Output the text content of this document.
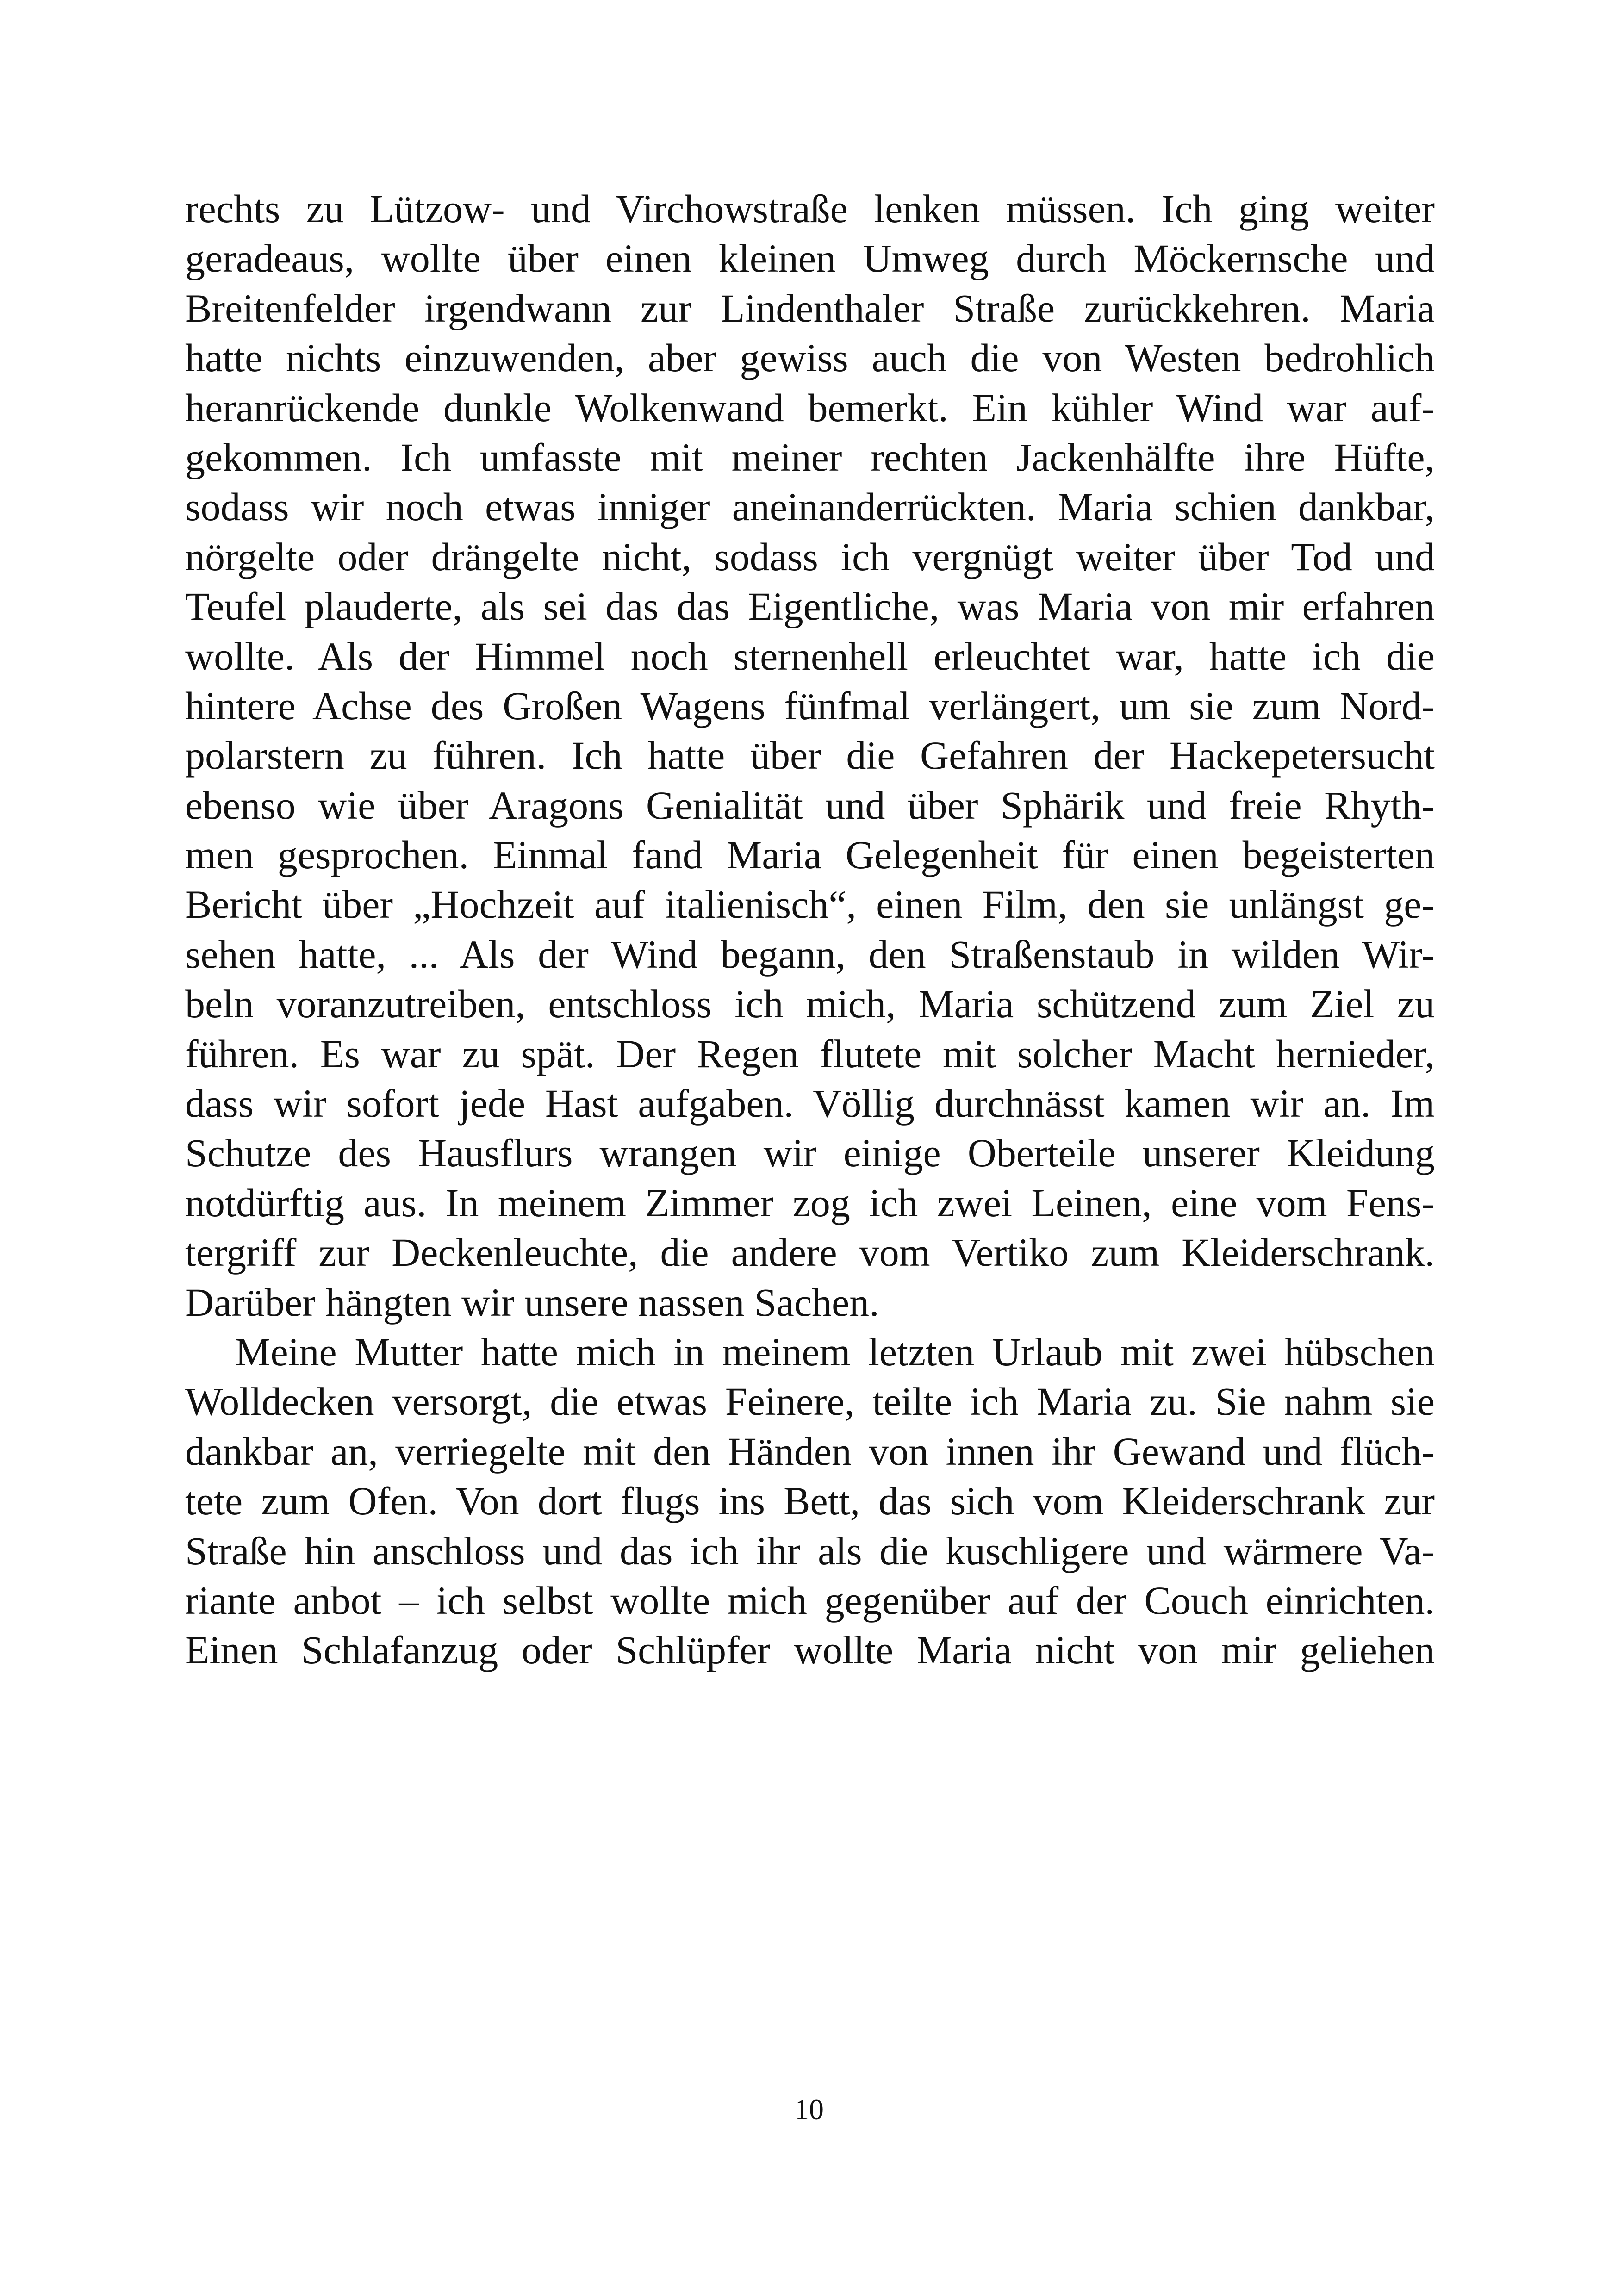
rechts zu Lützow- und Virchowstraße lenken müssen. Ich ging weiter
geradeaus, wollte über einen kleinen Umweg durch Möckernsche und
Breitenfelder irgendwann zur Lindenthaler Straße zurückkehren. Maria
hatte nichts einzuwenden, aber gewiss auch die von Westen bedrohlich
heranrückende dunkle Wolkenwand bemerkt. Ein kühler Wind war auf-
gekommen. Ich umfasste mit meiner rechten Jackenhälfte ihre Hüfte,
sodass wir noch etwas inniger aneinanderrückten. Maria schien dankbar,
nörgelte oder drängelte nicht, sodass ich vergnügt weiter über Tod und
Teufel plauderte, als sei das das Eigentliche, was Maria von mir erfahren
wollte. Als der Himmel noch sternenhell erleuchtet war, hatte ich die
hintere Achse des Großen Wagens fünfmal verlängert, um sie zum Nord-
polarstern zu führen. Ich hatte über die Gefahren der Hackepetersucht
ebenso wie über Aragons Genialität und über Sphärik und freie Rhyth-
men gesprochen. Einmal fand Maria Gelegenheit für einen begeisterten
Bericht über „Hochzeit auf italienisch“, einen Film, den sie unlängst ge-
sehen hatte, ... Als der Wind begann, den Straßenstaub in wilden Wir-
beln voranzutreiben, entschloss ich mich, Maria schützend zum Ziel zu
führen. Es war zu spät. Der Regen flutete mit solcher Macht hernieder,
dass wir sofort jede Hast aufgaben. Völlig durchnässt kamen wir an. Im
Schutze des Hausflurs wrangen wir einige Oberteile unserer Kleidung
notdürftig aus. In meinem Zimmer zog ich zwei Leinen, eine vom Fens-
tergriff zur Deckenleuchte, die andere vom Vertiko zum Kleiderschrank.
Darüber hängten wir unsere nassen Sachen.
Meine Mutter hatte mich in meinem letzten Urlaub mit zwei hübschen
Wolldecken versorgt, die etwas Feinere, teilte ich Maria zu. Sie nahm sie
dankbar an, verriegelte mit den Händen von innen ihr Gewand und flüch-
tete zum Ofen. Von dort flugs ins Bett, das sich vom Kleiderschrank zur
Straße hin anschloss und das ich ihr als die kuschligere und wärmere Va-
riante anbot – ich selbst wollte mich gegenüber auf der Couch einrichten.
Einen Schlafanzug oder Schlüpfer wollte Maria nicht von mir geliehen
10
